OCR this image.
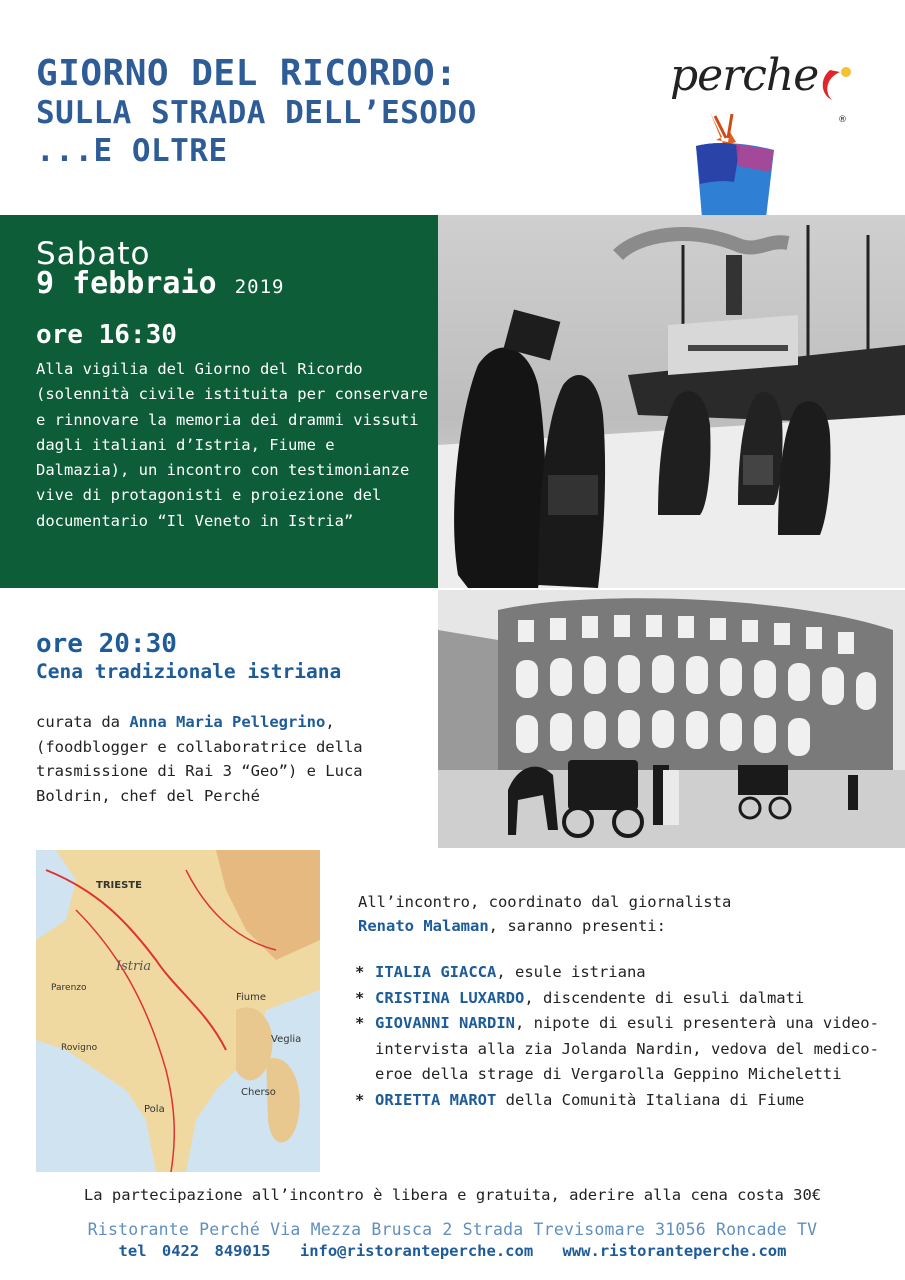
GIORNO DEL RICORDO:
SULLA STRADA DELL’ESODO
...E OLTRE
perche
®
Sabato
9 febbraio 2019
ore 16:30

Alla vigilia del Giorno del Ricordo (solennità civile istituita per conservare e rinnovare la memoria dei drammi vissuti dagli italiani d’Istria, Fiume e Dalmazia), un incontro con testimonianze vive di protagonisti e proiezione del documentario “Il Veneto in Istria”

ore 20:30
Cena tradizionale istriana

curata da Anna Maria Pellegrino, (foodblogger e collaboratrice della trasmissione di Rai 3 “Geo”) e Luca Boldrin, chef del Perché

TRIESTE
Fiume
Istria
Parenzo
Rovigno
Pola
Veglia
Cherso

All’incontro, coordinato dal giornalista
Renato Malaman, saranno presenti:

* ITALIA GIACCA, esule istriana
* CRISTINA LUXARDO, discendente di esuli dalmati
* GIOVANNI NARDIN, nipote di esuli presenterà una video-intervista alla zia Jolanda Nardin, vedova del medico-eroe della strage di Vergarolla Geppino Micheletti
* ORIETTA MAROT della Comunità Italiana di Fiume
La partecipazione all’incontro è libera e gratuita, aderire alla cena costa 30€
Ristorante Perché Via Mezza Brusca 2 Strada Trevisomare 31056 Roncade TV
tel 0422 849015 info@ristoranteperche.com www.ristoranteperche.com
